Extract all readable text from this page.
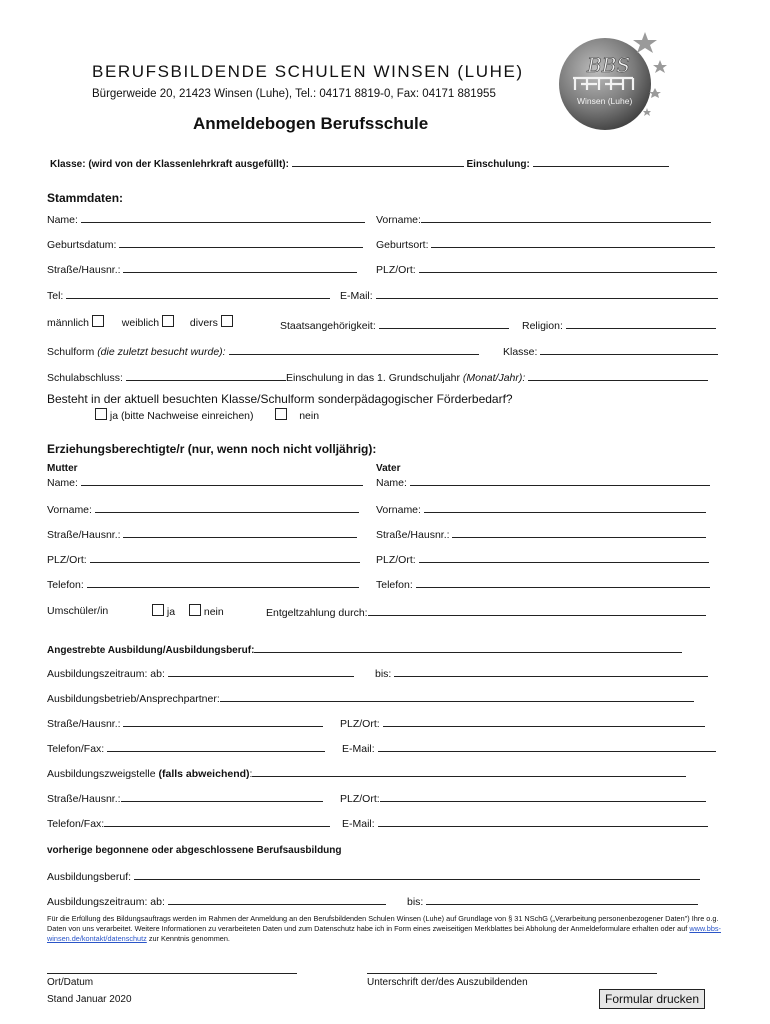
BERUFSBILDENDE SCHULEN WINSEN (LUHE)
Bürgerweide 20, 21423 Winsen (Luhe), Tel.: 04171 8819-0, Fax: 04171 881955
BBS
Winsen (Luhe)
Anmeldebogen Berufsschule
Klasse: (wird von der Klassenlehrkraft ausgefüllt):	Einschulung:
Stammdaten:
Name:	Vorname:
Geburtsdatum:	Geburtsort:
Straße/Hausnr.:	PLZ/Ort:
Tel:	E-Mail:
männlich	weiblich	divers	Staatsangehörigkeit:	Religion:
Schulform (die zuletzt besucht wurde):	Klasse:
Schulabschluss:	Einschulung in das 1. Grundschuljahr (Monat/Jahr):
Besteht in der aktuell besuchten Klasse/Schulform sonderpädagogischer Förderbedarf?
ja (bitte Nachweise einreichen)	nein
Erziehungsberechtigte/r (nur, wenn noch nicht volljährig):
Mutter	Vater
Name:	Name:
Vorname:	Vorname:
Straße/Hausnr.:	Straße/Hausnr.:
PLZ/Ort:	PLZ/Ort:
Telefon:	Telefon:
Umschüler/in	ja	nein	Entgeltzahlung durch:
Angestrebte Ausbildung/Ausbildungsberuf:
Ausbildungszeitraum: ab:	bis:
Ausbildungsbetrieb/Ansprechpartner:
Straße/Hausnr.:	PLZ/Ort:
Telefon/Fax:	E-Mail:
Ausbildungszweigstelle (falls abweichend):
Straße/Hausnr.:	PLZ/Ort:
Telefon/Fax:	E-Mail:
vorherige begonnene oder abgeschlossene Berufsausbildung
Ausbildungsberuf:
Ausbildungszeitraum: ab:	bis:
Für die Erfüllung des Bildungsauftrags werden im Rahmen der Anmeldung an den Berufsbildenden Schulen Winsen (Luhe) auf Grundlage von § 31 NSchG („Verarbeitung personenbezogener Daten") Ihre o.g. Daten von uns verarbeitet. Weitere Informationen zu verarbeiteten Daten und zum Datenschutz habe ich in Form eines zweiseitigen Merkblattes bei Abholung der Anmeldeformulare erhalten oder auf www.bbs-winsen.de/kontakt/datenschutz zur Kenntnis genommen.
Ort/Datum	Unterschrift der/des Auszubildenden
Stand Januar 2020	Formular drucken
